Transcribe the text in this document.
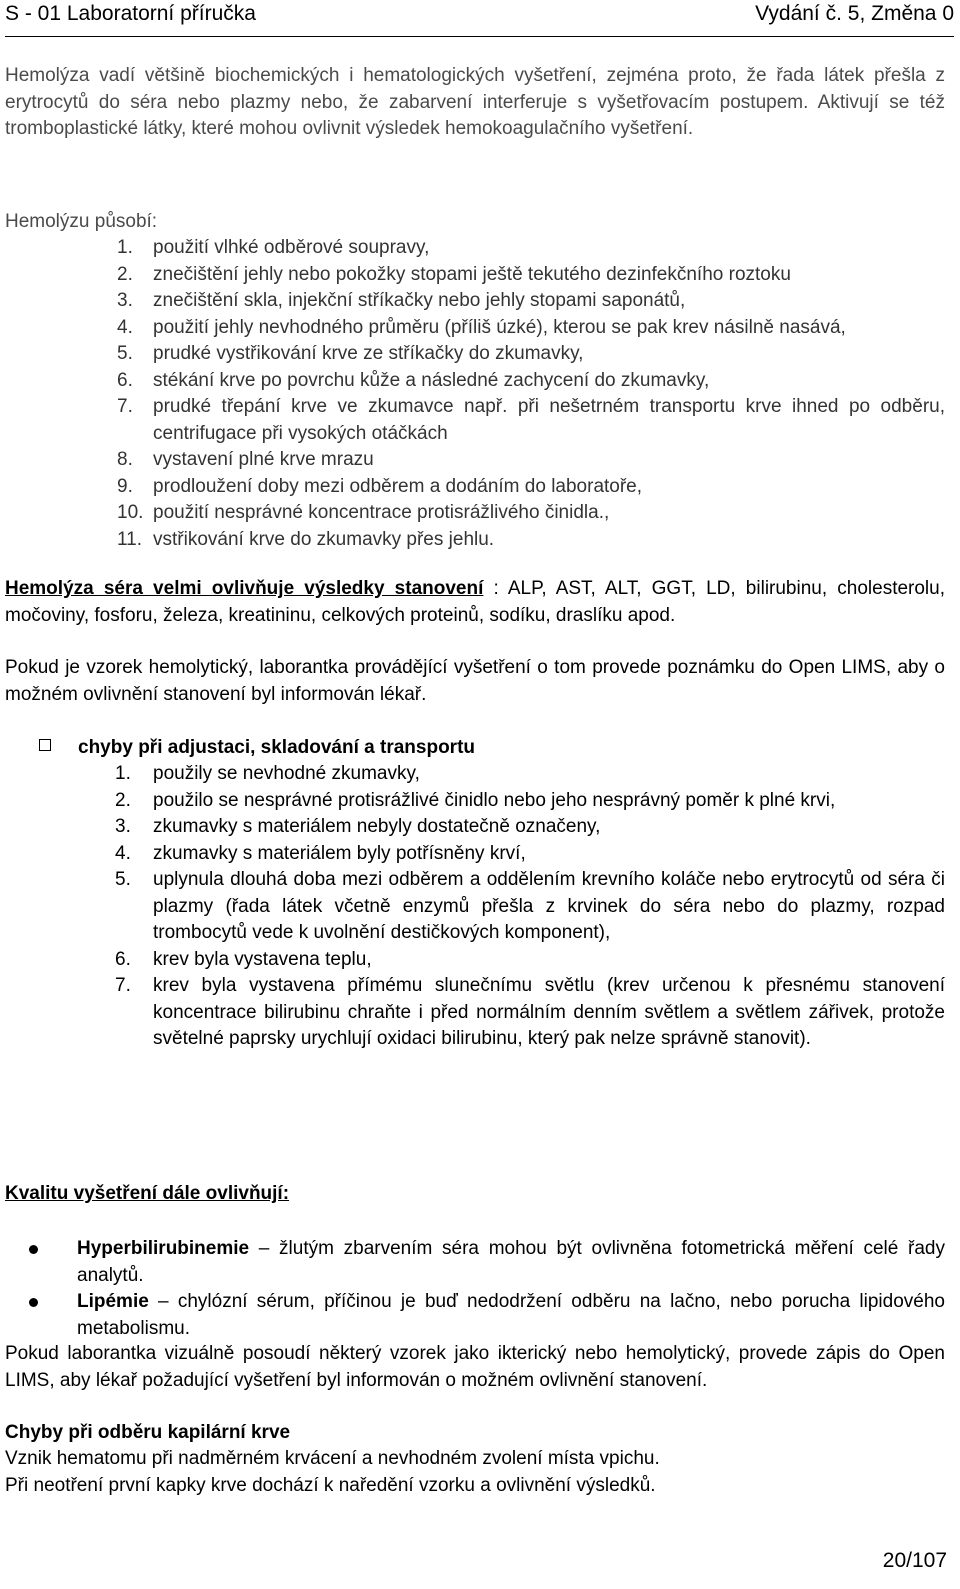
S - 01 Laboratorní příručka	Vydání č. 5, Změna 0
Hemolýza vadí většině biochemických i hematologických vyšetření, zejména proto, že řada látek přešla z erytrocytů do séra nebo plazmy nebo, že zabarvení interferuje s vyšetřovacím postupem. Aktivují se též tromboplastické látky, které mohou ovlivnit výsledek hemokoagulačního vyšetření.
Hemolýzu působí:
1. použití vlhké odběrové soupravy,
2. znečištění jehly nebo pokožky stopami ještě tekutého dezinfekčního roztoku
3. znečištění skla, injekční stříkačky nebo jehly stopami saponátů,
4. použití jehly nevhodného průměru (příliš úzké), kterou se pak krev násilně nasává,
5. prudké vystřikování krve ze stříkačky do zkumavky,
6. stékání krve po povrchu kůže a následné zachycení do zkumavky,
7. prudké třepání krve ve zkumavce např. při nešetrném transportu krve ihned po odběru, centrifugace při vysokých otáčkách
8. vystavení plné krve mrazu
9. prodloužení doby mezi odběrem a dodáním do laboratoře,
10. použití nesprávné koncentrace protisrážlivého činidla.,
11. vstřikování krve do zkumavky přes jehlu.
Hemolýza séra velmi ovlivňuje výsledky stanovení : ALP, AST, ALT, GGT, LD, bilirubinu, cholesterolu, močoviny, fosforu, železa, kreatininu, celkových proteinů, sodíku, draslíku apod.
Pokud je vzorek hemolytický, laborantka provádějící vyšetření o tom provede poznámku do Open LIMS, aby o možném ovlivnění stanovení byl informován lékař.
chyby při adjustaci, skladování a transportu
1. použily se nevhodné zkumavky,
2. použilo se nesprávné protisrážlivé činidlo nebo jeho nesprávný poměr k plné krvi,
3. zkumavky s materiálem nebyly dostatečně označeny,
4. zkumavky s materiálem byly potřísněny krví,
5. uplynula dlouhá doba mezi odběrem a oddělením krevního koláče nebo erytrocytů od séra či plazmy (řada látek včetně enzymů přešla z krvinek do séra nebo do plazmy, rozpad trombocytů vede k uvolnění destičkových komponent),
6. krev byla vystavena teplu,
7. krev byla vystavena přímému slunečnímu světlu (krev určenou k přesnému stanovení koncentrace bilirubinu chraňte i před normálním denním světlem a světlem zářivek, protože světelné paprsky urychlují oxidaci bilirubinu, který pak nelze správně stanovit).
Kvalitu vyšetření dále ovlivňují:
Hyperbilirubinemie – žlutým zbarvením séra mohou být ovlivněna fotometrická měření celé řady analytů.
Lipémie – chylózní sérum, příčinou je buď nedodržení odběru na lačno, nebo porucha lipidového metabolismu.
Pokud laborantka vizuálně posoudí některý vzorek jako ikterický nebo hemolytický, provede zápis do Open LIMS, aby lékař požadující vyšetření byl informován o možném ovlivnění stanovení.
Chyby při odběru kapilární krve
Vznik hematomu při nadměrném krvácení a nevhodném zvolení místa vpichu.
Při neotření první kapky krve dochází k naředění vzorku a ovlivnění výsledků.
20/107
